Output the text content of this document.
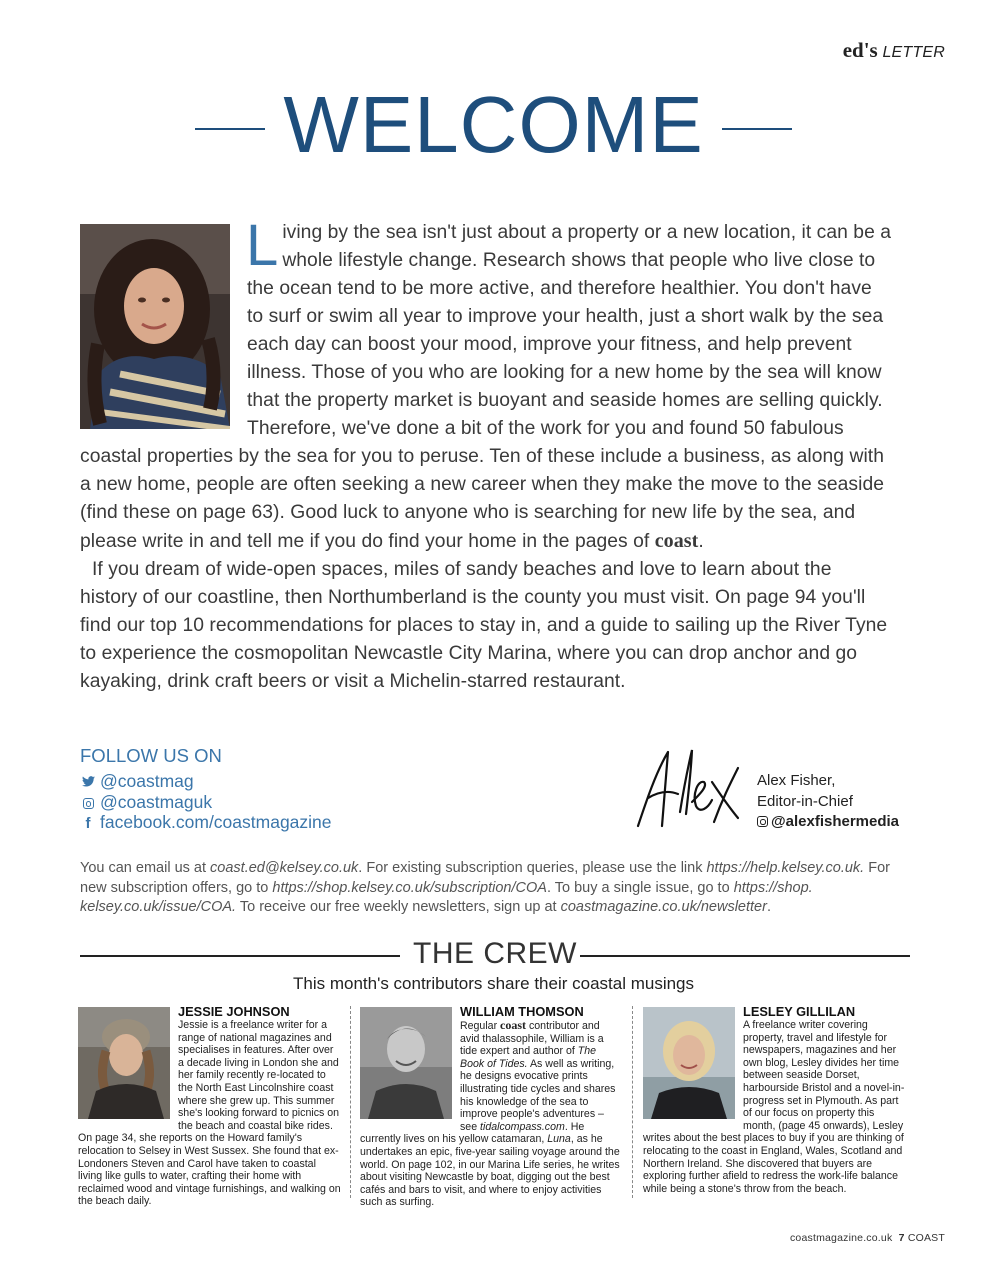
ed's LETTER
WELCOME

Living by the sea isn't just about a property or a new location, it can be a whole lifestyle change. Research shows that people who live close to the ocean tend to be more active, and therefore healthier. You don't have to surf or swim all year to improve your health, just a short walk by the sea each day can boost your mood, improve your fitness, and help prevent illness. Those of you who are looking for a new home by the sea will know that the property market is buoyant and seaside homes are selling quickly. Therefore, we've done a bit of the work for you and found 50 fabulous coastal properties by the sea for you to peruse. Ten of these include a business, as along with a new home, people are often seeking a new career when they make the move to the seaside (find these on page 63). Good luck to anyone who is searching for new life by the sea, and please write in and tell me if you do find your home in the pages of coast.

If you dream of wide-open spaces, miles of sandy beaches and love to learn about the history of our coastline, then Northumberland is the county you must visit. On page 94 you'll find our top 10 recommendations for places to stay in, and a guide to sailing up the River Tyne to experience the cosmopolitan Newcastle City Marina, where you can drop anchor and go kayaking, drink craft beers or visit a Michelin-starred restaurant.

FOLLOW US ON
@coastmag
@coastmaguk
f facebook.com/coastmagazine
Alex Fisher,
Editor-in-Chief
@alexfishermedia
You can email us at coast.ed@kelsey.co.uk. For existing subscription queries, please use the link https://help.kelsey.co.uk. For new subscription offers, go to https://shop.kelsey.co.uk/subscription/COA. To buy a single issue, go to https://shop. kelsey.co.uk/issue/COA. To receive our free weekly newsletters, sign up at coastmagazine.co.uk/newsletter.
THE CREW
This month's contributors share their coastal musings
JESSIE JOHNSON

Jessie is a freelance writer for a range of national magazines and specialises in features. After over a decade living in London she and her family recently re-located to the North East Lincolnshire coast where she grew up. This summer she's looking forward to picnics on the beach and coastal bike rides. On page 34, she reports on the Howard family's relocation to Selsey in West Sussex. She found that ex-Londoners Steven and Carol have taken to coastal living like gulls to water, crafting their home with reclaimed wood and vintage furnishings, and walking on the beach daily.

WILLIAM THOMSON

Regular coast contributor and avid thalassophile, William is a tide expert and author of The Book of Tides. As well as writing, he designs evocative prints illustrating tide cycles and shares his knowledge of the sea to improve people's adventures – see tidalcompass.com. He currently lives on his yellow catamaran, Luna, as he undertakes an epic, five-year sailing voyage around the world. On page 102, in our Marina Life series, he writes about visiting Newcastle by boat, digging out the best cafés and bars to visit, and where to enjoy activities such as surfing.

LESLEY GILLILAN

A freelance writer covering property, travel and lifestyle for newspapers, magazines and her own blog, Lesley divides her time between seaside Dorset, harbourside Bristol and a novel-in-progress set in Plymouth. As part of our focus on property this month, (page 45 onwards), Lesley writes about the best places to buy if you are thinking of relocating to the coast in England, Wales, Scotland and Northern Ireland. She discovered that buyers are exploring further afield to redress the work-life balance while being a stone's throw from the beach.

coastmagazine.co.uk 7 COAST
